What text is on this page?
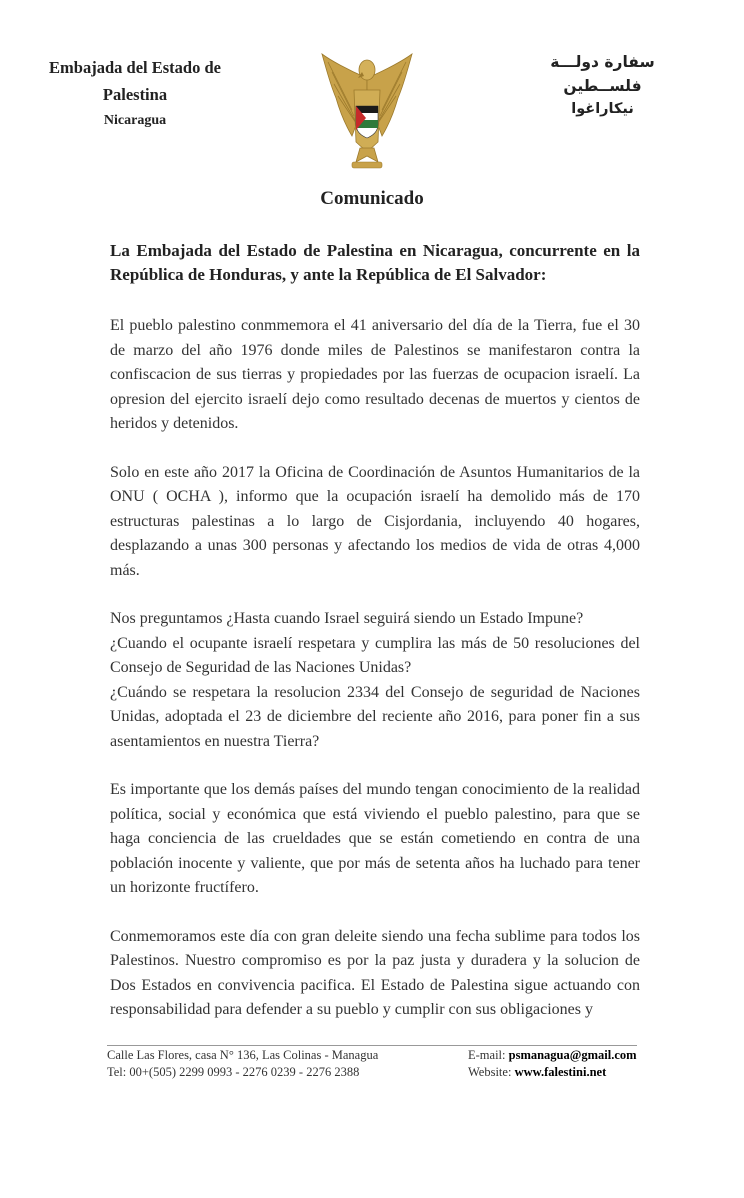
Embajada del Estado de
Palestina
Nicaragua
سفارة دولـــة
فلســطين
نيكاراغوا
Comunicado

La Embajada del Estado de Palestina en Nicaragua, concurrente en la República de Honduras, y ante la República de El Salvador:

El pueblo palestino conmmemora el 41 aniversario del día de la Tierra, fue el 30 de marzo del año 1976 donde miles de Palestinos se manifestaron contra la confiscacion de sus tierras y propiedades por las fuerzas de ocupacion israelí. La opresion del ejercito israelí dejo como resultado decenas de muertos y cientos de heridos y detenidos.

Solo en este año 2017 la Oficina de Coordinación de Asuntos Humanitarios de la ONU ( OCHA ), informo que la ocupación israelí ha demolido más de 170 estructuras palestinas a lo largo de Cisjordania, incluyendo 40 hogares, desplazando a unas 300 personas y afectando los medios de vida de otras 4,000 más.

Nos preguntamos ¿Hasta cuando Israel seguirá siendo un Estado Impune?

¿Cuando el ocupante israelí respetara y cumplira las más de 50 resoluciones del Consejo de Seguridad de las Naciones Unidas?

¿Cuándo se respetara la resolucion 2334 del Consejo de seguridad de Naciones Unidas, adoptada el 23 de diciembre del reciente año 2016, para poner fin a sus asentamientos en nuestra Tierra?

Es importante que los demás países del mundo tengan conocimiento de la realidad política, social y económica que está viviendo el pueblo palestino, para que se haga conciencia de las crueldades que se están cometiendo en contra de una población inocente y valiente, que por más de setenta años ha luchado para tener un horizonte fructífero.

Conmemoramos este día con gran deleite siendo una fecha sublime para todos los Palestinos. Nuestro compromiso es por la paz justa y duradera y la solucion de Dos Estados en convivencia pacifica. El Estado de Palestina sigue actuando con responsabilidad para defender a su pueblo y cumplir con sus obligaciones y

Calle Las Flores, casa N° 136, Las Colinas - Managua
Tel: 00+(505) 2299 0993 - 2276 0239 - 2276 2388
E-mail: psmanagua@gmail.com
Website: www.falestini.net
